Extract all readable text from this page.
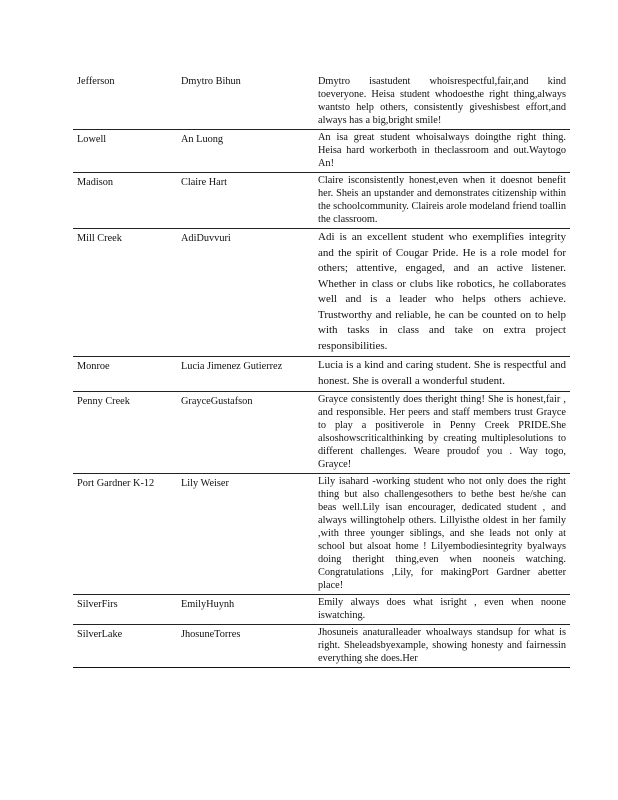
Jefferson	Dmytro Bihun	Dmytro isastudent whoisrespectful,fair,and kind toeveryone. Heisa student whodoesthe right thing,always wantsto help others, consistently giveshisbest effort,and always has a big,bright smile!
Lowell	An Luong	An isa great student whoisalways doingthe right thing. Heisa hard workerboth in theclassroom and out.Waytogo An!
Madison	Claire Hart	Claire isconsistently honest,even when it doesnot benefit her. Sheis an upstander and demonstrates citizenship within the schoolcommunity. Claireis arole modeland friend toallin the classroom.
Mill Creek	AdiDuvvuri	Adi is an excellent student who exemplifies integrity and the spirit of Cougar Pride. He is a role model for others; attentive, engaged, and an active listener. Whether in class or clubs like robotics, he collaborates well and is a leader who helps others achieve. Trustworthy and reliable, he can be counted on to help with tasks in class and take on extra project responsibilities.
Monroe	Lucia Jimenez Gutierrez	Lucia is a kind and caring student. She is respectful and honest. She is overall a wonderful student.
Penny Creek	GrayceGustafson	Grayce consistently does theright thing! She is honest,fair , and responsible. Her peers and staff members trust Grayce to play a positiverole in Penny Creek PRIDE.She alsoshowscriticalthinking by creating multiplesolutions to different challenges. Weare proudof you . Way togo, Grayce!
Port Gardner K-12	Lily Weiser	Lily isahard -working student who not only does the right thing but also challengesothers to bethe best he/she can beas well.Lily isan encourager, dedicated student , and always willingtohelp others. Lillyisthe oldest in her family ,with three younger siblings, and she leads not only at school but alsoat home ! Lilyembodiesintegrity byalways doing theright thing,even when nooneis watching. Congratulations ,Lily, for makingPort Gardner abetter place!
SilverFirs	EmilyHuynh	Emily always does what isright , even when noone iswatching.
SilverLake	JhosuneTorres	Jhosuneis anaturalleader whoalways standsup for what is right. Sheleadsbyexample, showing honesty and fairnessin everything she does.Her
